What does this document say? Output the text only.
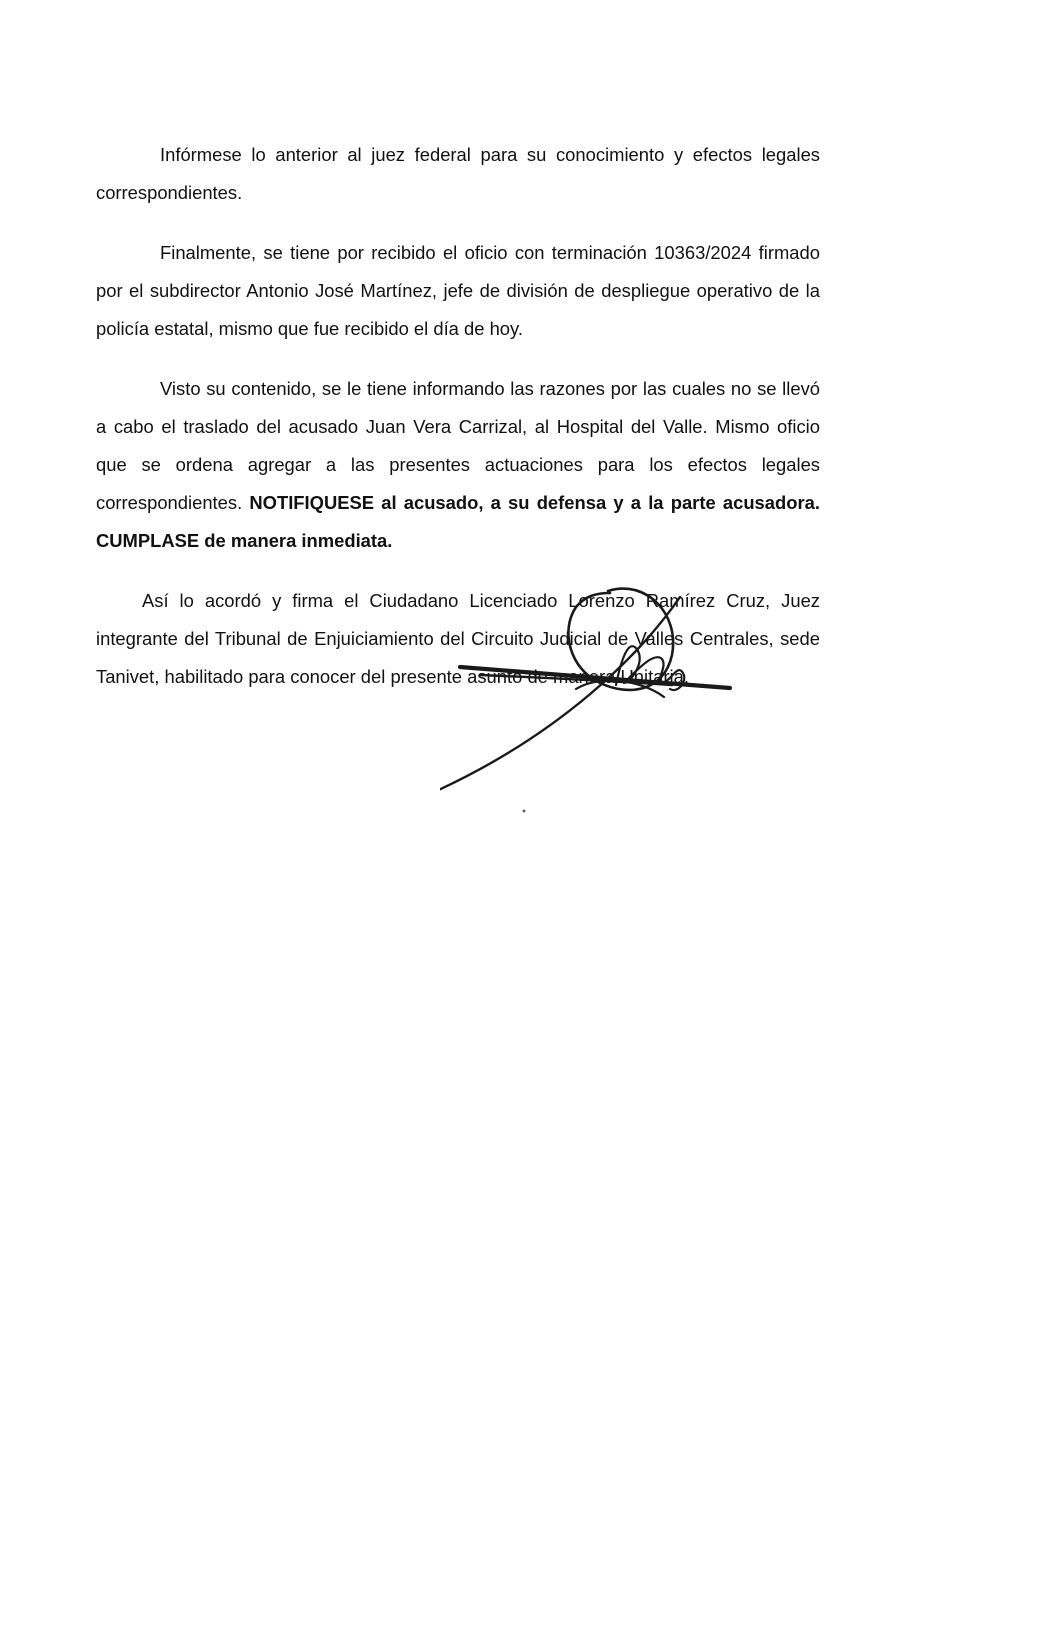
Infórmese lo anterior al juez federal para su conocimiento y efectos legales correspondientes.

Finalmente, se tiene por recibido el oficio con terminación 10363/2024 firmado por el subdirector Antonio José Martínez, jefe de división de despliegue operativo de la policía estatal, mismo que fue recibido el día de hoy.

Visto su contenido, se le tiene informando las razones por las cuales no se llevó a cabo el traslado del acusado Juan Vera Carrizal, al Hospital del Valle. Mismo oficio que se ordena agregar a las presentes actuaciones para los efectos legales correspondientes. NOTIFIQUESE al acusado, a su defensa y a la parte acusadora. CUMPLASE de manera inmediata.

Así lo acordó y firma el Ciudadano Licenciado Lorenzo Ramírez Cruz, Juez integrante del Tribunal de Enjuiciamiento del Circuito Judicial de Valles Centrales, sede Tanivet, habilitado para conocer del presente asunto de manera Unitaria.
